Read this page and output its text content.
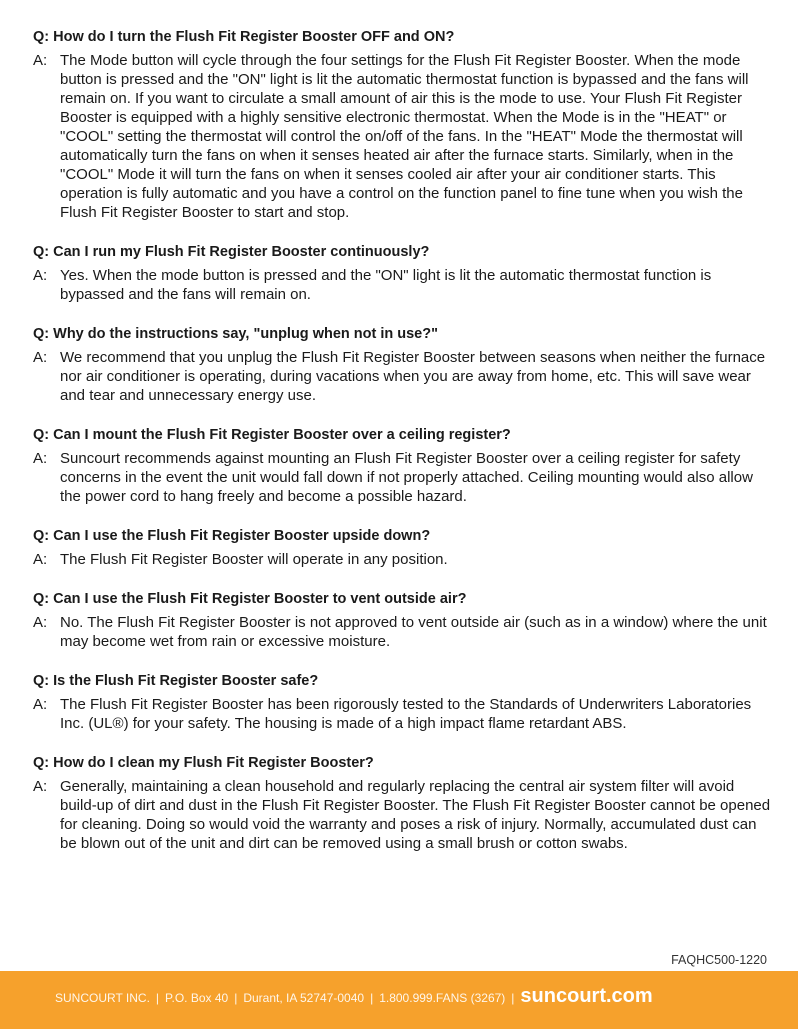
Q: How do I turn the Flush Fit Register Booster OFF and ON?
A: The Mode button will cycle through the four settings for the Flush Fit Register Booster. When the mode button is pressed and the "ON" light is lit the automatic thermostat function is bypassed and the fans will remain on. If you want to circulate a small amount of air this is the mode to use. Your Flush Fit Register Booster is equipped with a highly sensitive electronic thermostat. When the Mode is in the "HEAT" or "COOL" setting the thermostat will control the on/off of the fans. In the "HEAT" Mode the thermostat will automatically turn the fans on when it senses heated air after the furnace starts. Similarly, when in the "COOL" Mode it will turn the fans on when it senses cooled air after your air conditioner starts. This operation is fully automatic and you have a control on the function panel to fine tune when you wish the Flush Fit Register Booster to start and stop.
Q: Can I run my Flush Fit Register Booster continuously?
A: Yes. When the mode button is pressed and the "ON" light is lit the automatic thermostat function is bypassed and the fans will remain on.
Q: Why do the instructions say, "unplug when not in use?"
A: We recommend that you unplug the Flush Fit Register Booster between seasons when neither the furnace nor air conditioner is operating, during vacations when you are away from home, etc. This will save wear and tear and unnecessary energy use.
Q: Can I mount the Flush Fit Register Booster over a ceiling register?
A: Suncourt recommends against mounting an Flush Fit Register Booster over a ceiling register for safety concerns in the event the unit would fall down if not properly attached. Ceiling mounting would also allow the power cord to hang freely and become a possible hazard.
Q: Can I use the Flush Fit Register Booster upside down?
A: The Flush Fit Register Booster will operate in any position.
Q: Can I use the Flush Fit Register Booster to vent outside air?
A: No. The Flush Fit Register Booster is not approved to vent outside air (such as in a window) where the unit may become wet from rain or excessive moisture.
Q: Is the Flush Fit Register Booster safe?
A: The Flush Fit Register Booster has been rigorously tested to the Standards of Underwriters Laboratories Inc. (UL®) for your safety. The housing is made of a high impact flame retardant ABS.
Q: How do I clean my Flush Fit Register Booster?
A: Generally, maintaining a clean household and regularly replacing the central air system filter will avoid build-up of dirt and dust in the Flush Fit Register Booster. The Flush Fit Register Booster cannot be opened for cleaning. Doing so would void the warranty and poses a risk of injury. Normally, accumulated dust can be blown out of the unit and dirt can be removed using a small brush or cotton swabs.
FAQHC500-1220
SUNCOURT INC. | P.O. Box 40 | Durant, IA 52747-0040 | 1.800.999.FANS (3267) | suncourt.com
